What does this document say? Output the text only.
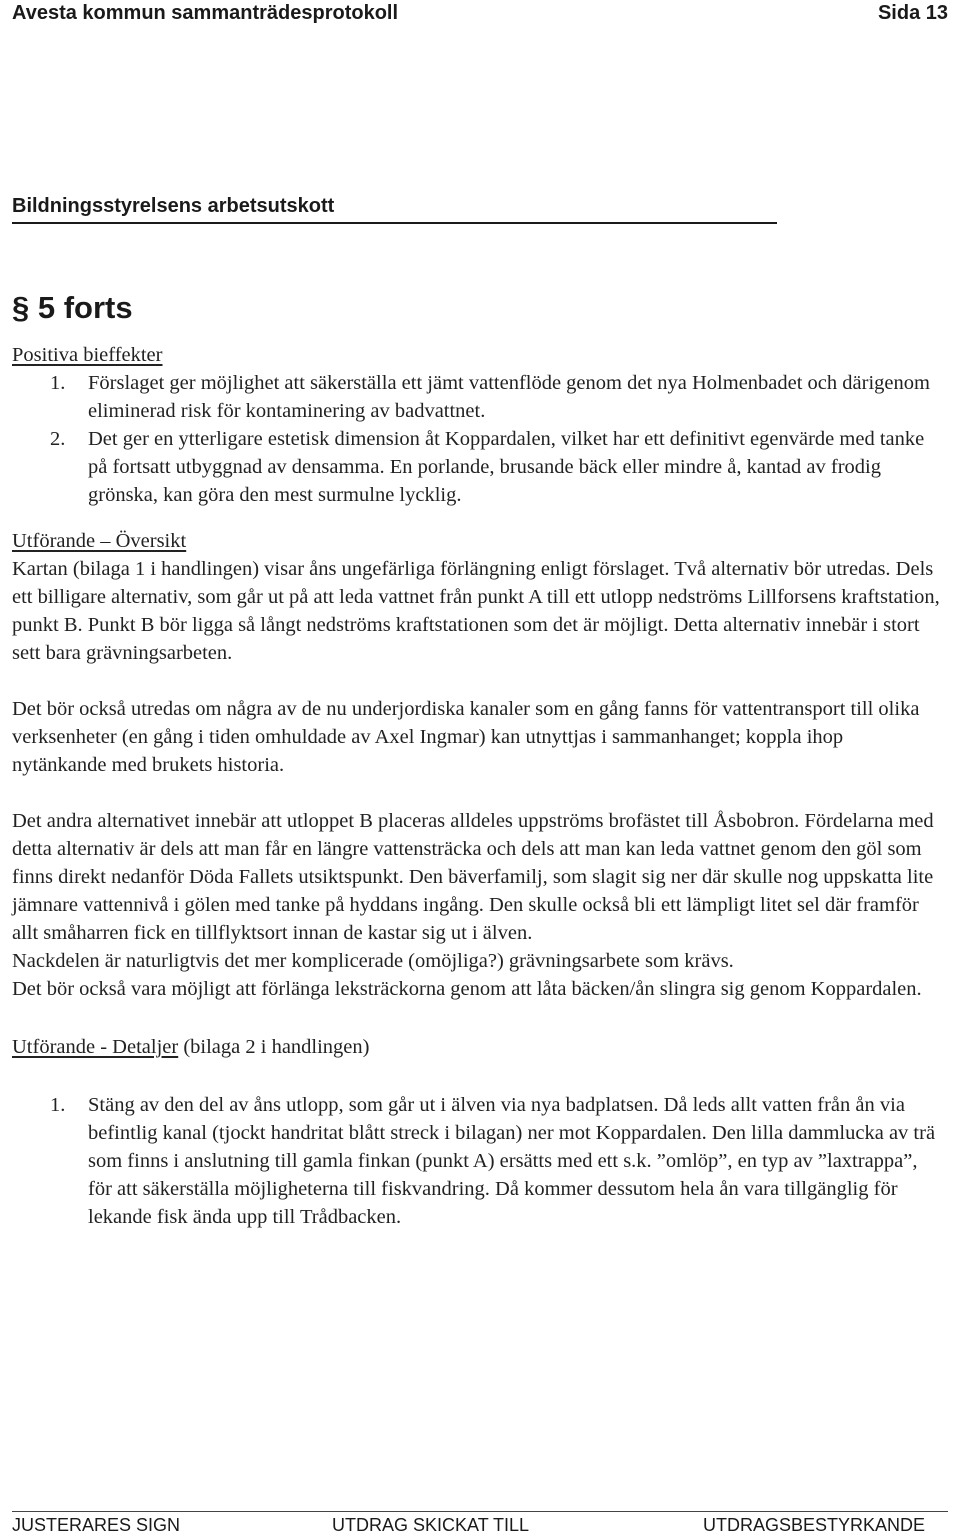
Avesta kommun sammanträdesprotokoll	Sida 13
Bildningsstyrelsens arbetsutskott
§ 5 forts

Positiva bieffekter

1. Förslaget ger möjlighet att säkerställa ett jämt vattenflöde genom det nya Holmenbadet och därigenom eliminerad risk för kontaminering av badvattnet.
2. Det ger en ytterligare estetisk dimension åt Koppardalen, vilket har ett definitivt egenvärde med tanke på fortsatt utbyggnad av densamma. En porlande, brusande bäck eller mindre å, kantad av frodig grönska, kan göra den mest surmulne lycklig.

Utförande – Översikt

Kartan (bilaga 1 i handlingen) visar åns ungefärliga förlängning enligt förslaget. Två alternativ bör utredas. Dels ett billigare alternativ, som går ut på att leda vattnet från punkt A till ett utlopp nedströms Lillforsens kraftstation, punkt B. Punkt B bör ligga så långt nedströms kraftstationen som det är möjligt. Detta alternativ innebär i stort sett bara grävningsarbeten.

Det bör också utredas om några av de nu underjordiska kanaler som en gång fanns för vattentransport till olika verksenheter (en gång i tiden omhuldade av Axel Ingmar) kan utnyttjas i sammanhanget; koppla ihop nytänkande med brukets historia.

Det andra alternativet innebär att utloppet B placeras alldeles uppströms brofästet till Åsbobron. Fördelarna med detta alternativ är dels att man får en längre vattensträcka och dels att man kan leda vattnet genom den göl som finns direkt nedanför Döda Fallets utsiktspunkt. Den bäverfamilj, som slagit sig ner där skulle nog uppskatta lite jämnare vattennivå i gölen med tanke på hyddans ingång. Den skulle också bli ett lämpligt litet sel där framför allt småharren fick en tillflyktsort innan de kastar sig ut i älven.

Nackdelen är naturligtvis det mer komplicerade (omöjliga?) grävningsarbete som krävs.

Det bör också vara möjligt att förlänga leksträckorna genom att låta bäcken/ån slingra sig genom Koppardalen.

Utförande - Detaljer (bilaga 2 i handlingen)

1. Stäng av den del av åns utlopp, som går ut i älven via nya badplatsen. Då leds allt vatten från ån via befintlig kanal (tjockt handritat blått streck i bilagan) ner mot Koppardalen. Den lilla dammlucka av trä som finns i anslutning till gamla finkan (punkt A) ersätts med ett s.k. ”omlöp”, en typ av ”laxtrappa”, för att säkerställa möjligheterna till fiskvandring. Då kommer dessutom hela ån vara tillgänglig för lekande fisk ända upp till Trådbacken.
JUSTERARES SIGN	UTDRAG SKICKAT TILL	UTDRAGSBESTYRKANDE
